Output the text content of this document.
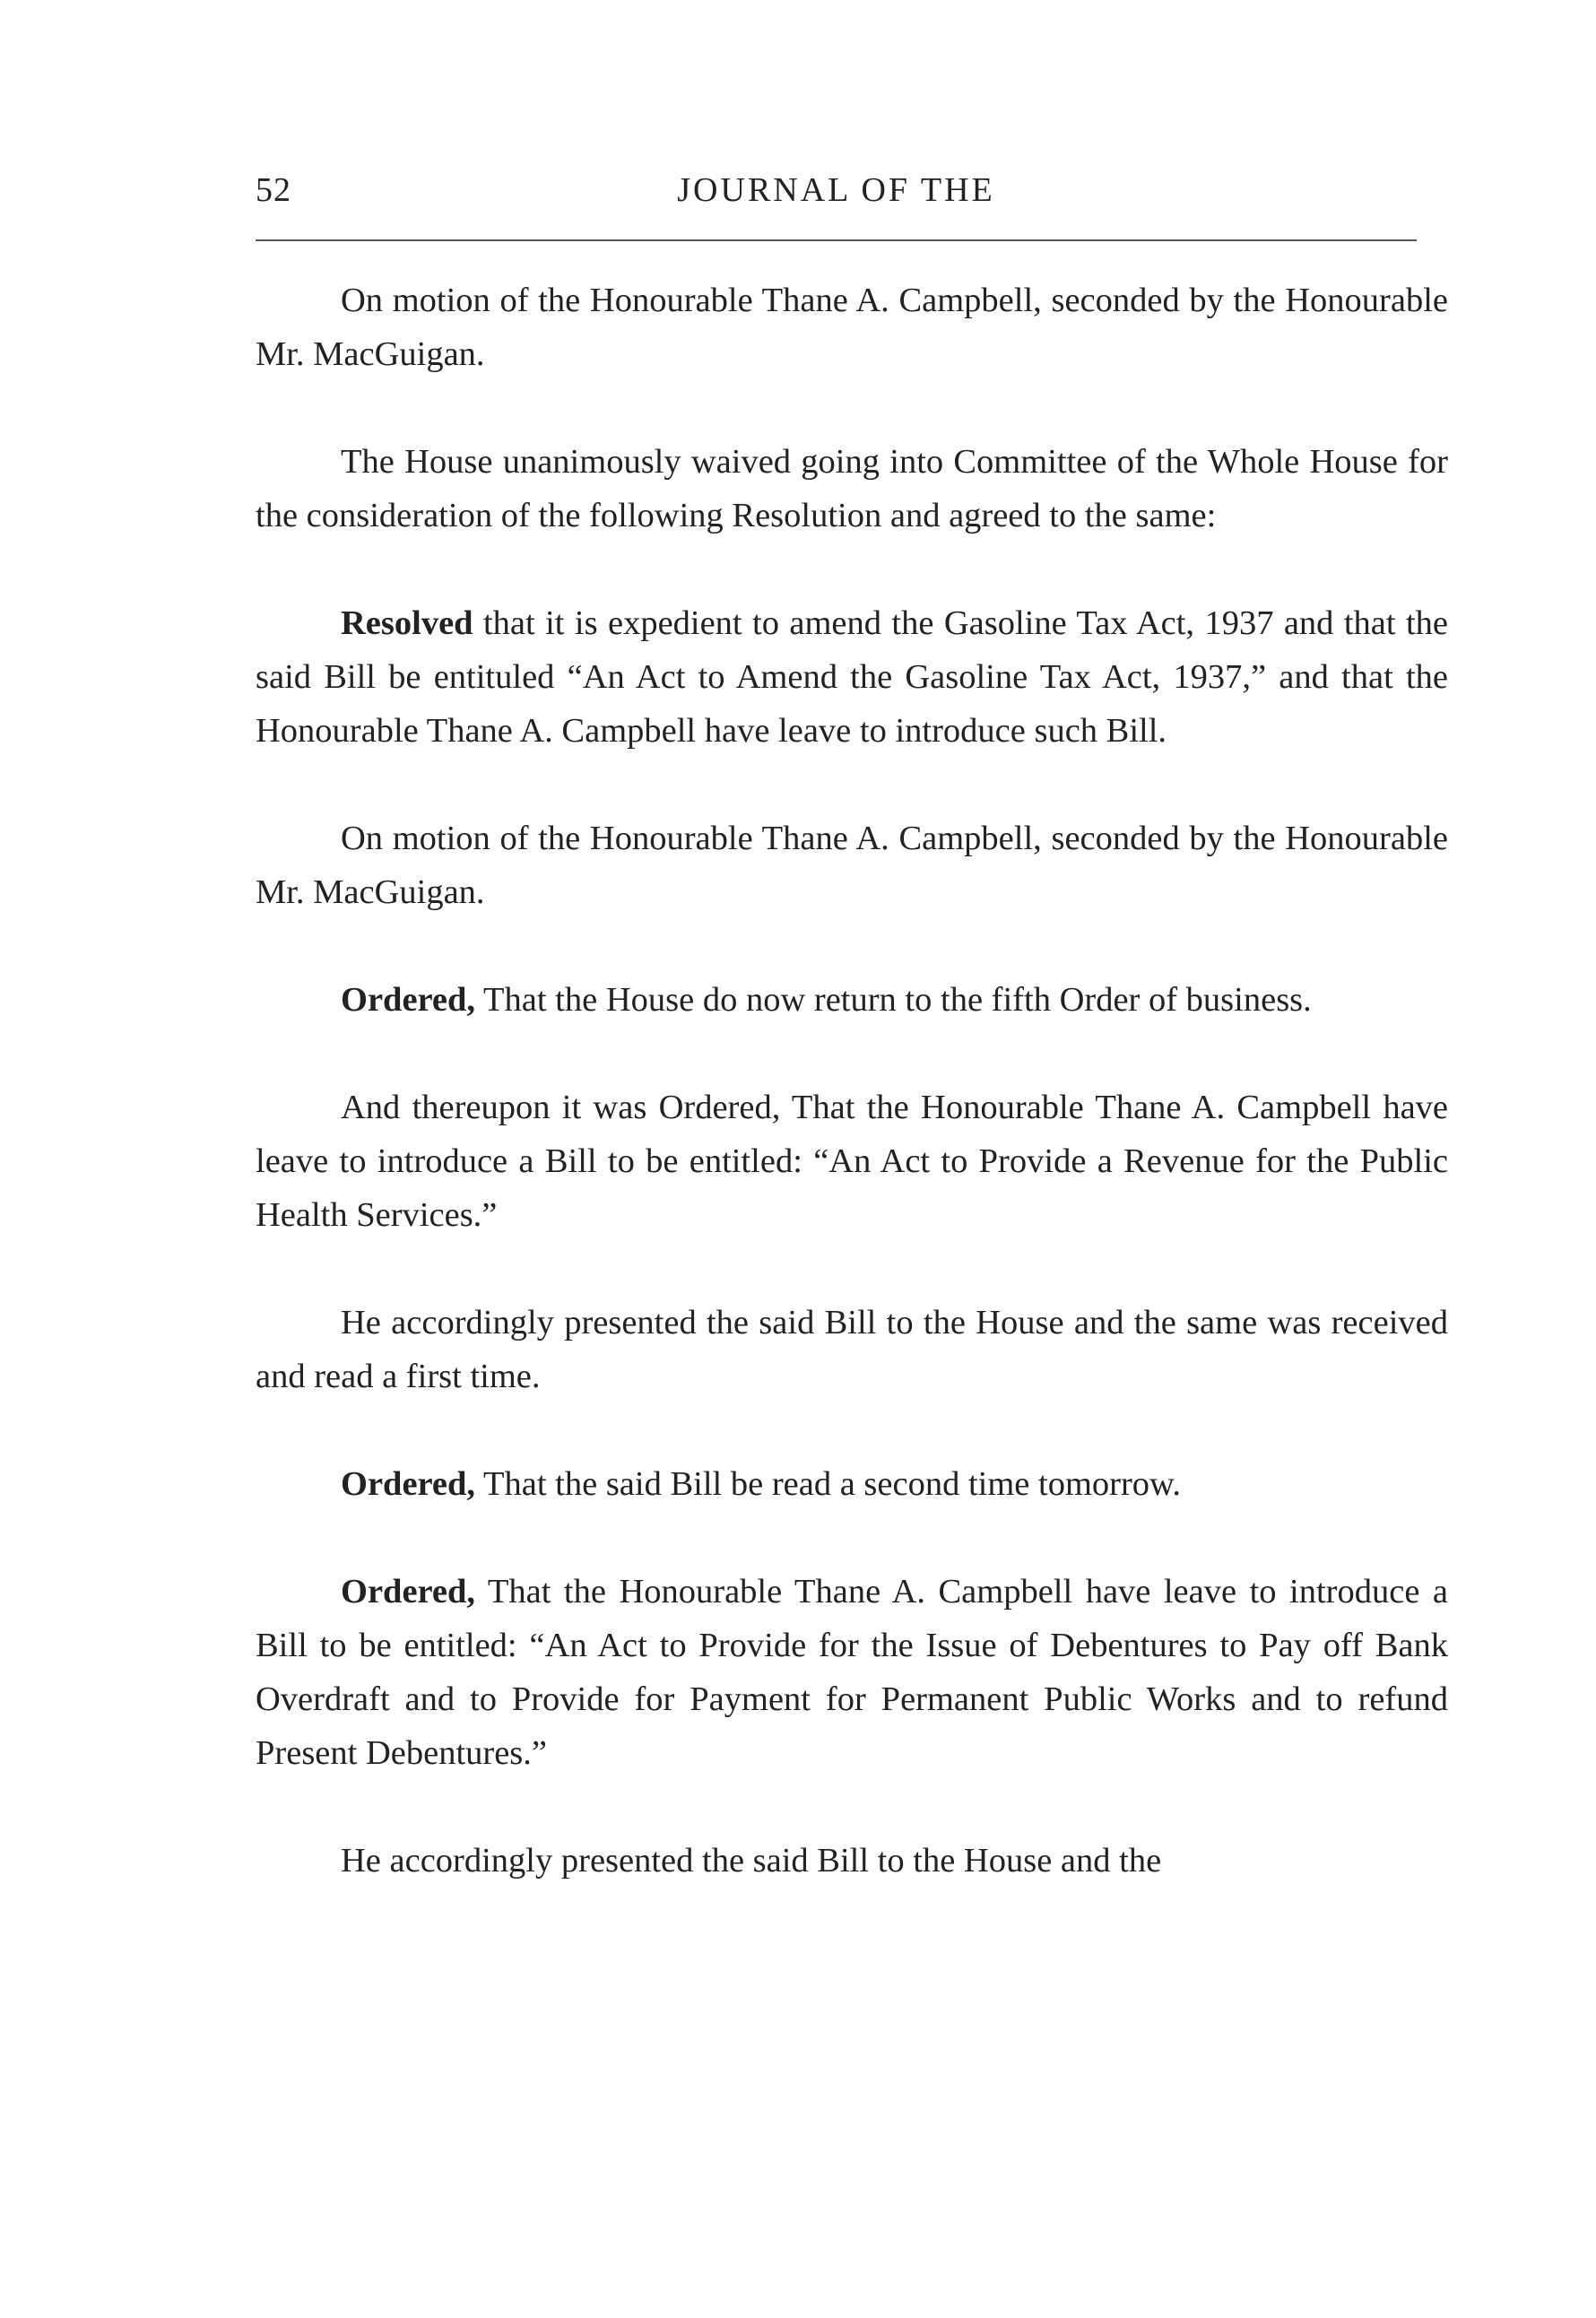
52	JOURNAL OF THE

On motion of the Honourable Thane A. Campbell, seconded by the Honourable Mr. MacGuigan.

The House unanimously waived going into Committee of the Whole House for the consideration of the following Resolution and agreed to the same:

Resolved that it is expedient to amend the Gasoline Tax Act, 1937 and that the said Bill be entituled “An Act to Amend the Gasoline Tax Act, 1937,” and that the Honourable Thane A. Campbell have leave to introduce such Bill.

On motion of the Honourable Thane A. Campbell, seconded by the Honourable Mr. MacGuigan.

Ordered, That the House do now return to the fifth Order of business.

And thereupon it was Ordered, That the Honourable Thane A. Campbell have leave to introduce a Bill to be entitled: “An Act to Provide a Revenue for the Public Health Services.”

He accordingly presented the said Bill to the House and the same was received and read a first time.

Ordered, That the said Bill be read a second time tomorrow.

Ordered, That the Honourable Thane A. Campbell have leave to introduce a Bill to be entitled: “An Act to Provide for the Issue of Debentures to Pay off Bank Overdraft and to Provide for Payment for Permanent Public Works and to refund Present Debentures.”

He accordingly presented the said Bill to the House and the
